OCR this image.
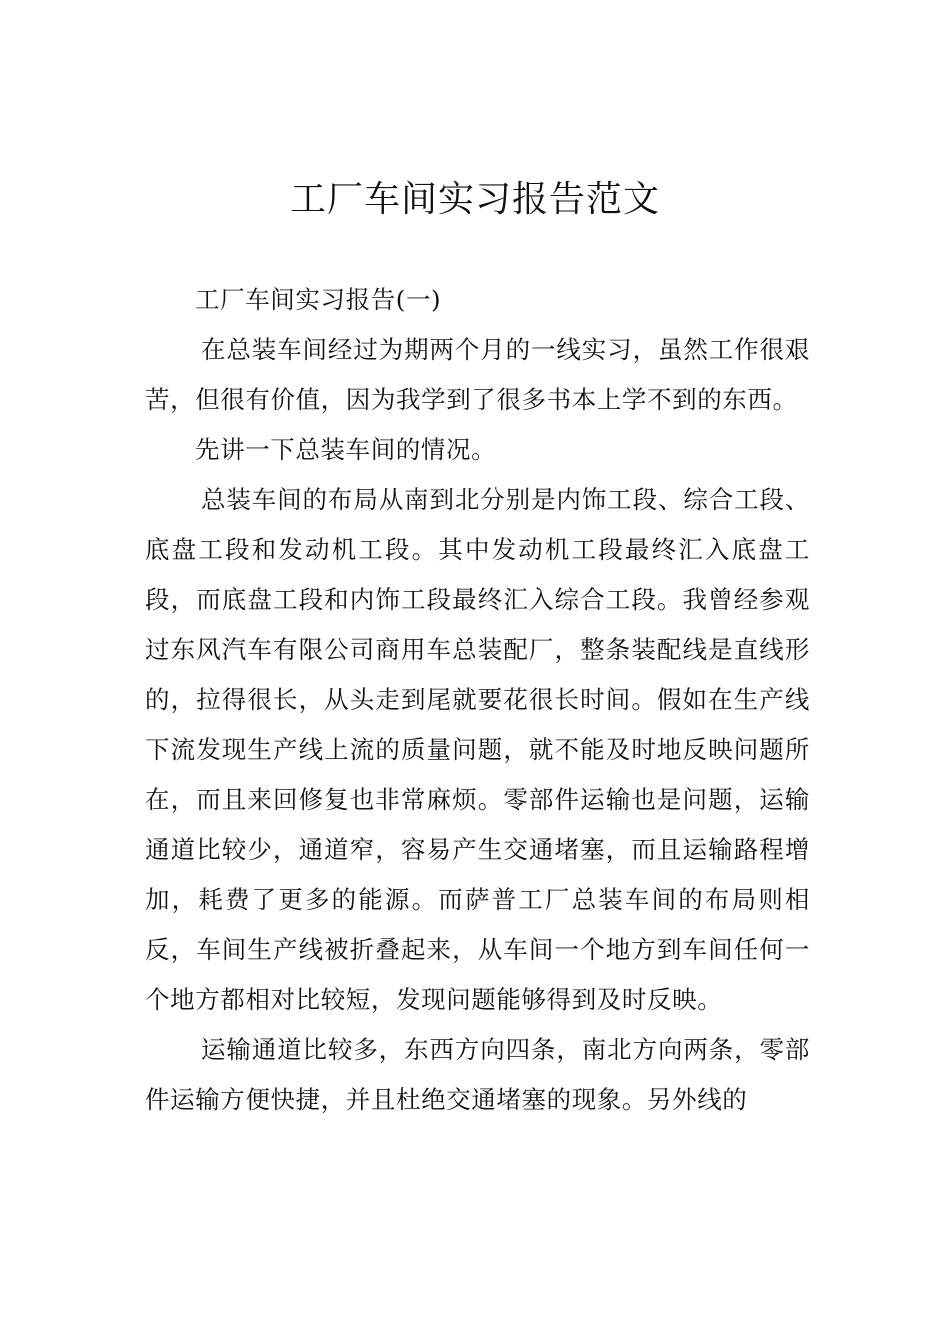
工厂车间实习报告范文

工厂车间实习报告(一)

在总装车间经过为期两个月的一线实习，虽然工作很艰苦，但很有价值，因为我学到了很多书本上学不到的东西。

先讲一下总装车间的情况。

总装车间的布局从南到北分别是内饰工段、综合工段、底盘工段和发动机工段。其中发动机工段最终汇入底盘工段，而底盘工段和内饰工段最终汇入综合工段。我曾经参观过东风汽车有限公司商用车总装配厂，整条装配线是直线形的，拉得很长，从头走到尾就要花很长时间。假如在生产线下流发现生产线上流的质量问题，就不能及时地反映问题所在，而且来回修复也非常麻烦。零部件运输也是问题，运输通道比较少，通道窄，容易产生交通堵塞，而且运输路程增加，耗费了更多的能源。而萨普工厂总装车间的布局则相反，车间生产线被折叠起来，从车间一个地方到车间任何一个地方都相对比较短，发现问题能够得到及时反映。

运输通道比较多，东西方向四条，南北方向两条，零部件运输方便快捷，并且杜绝交通堵塞的现象。另外线的
